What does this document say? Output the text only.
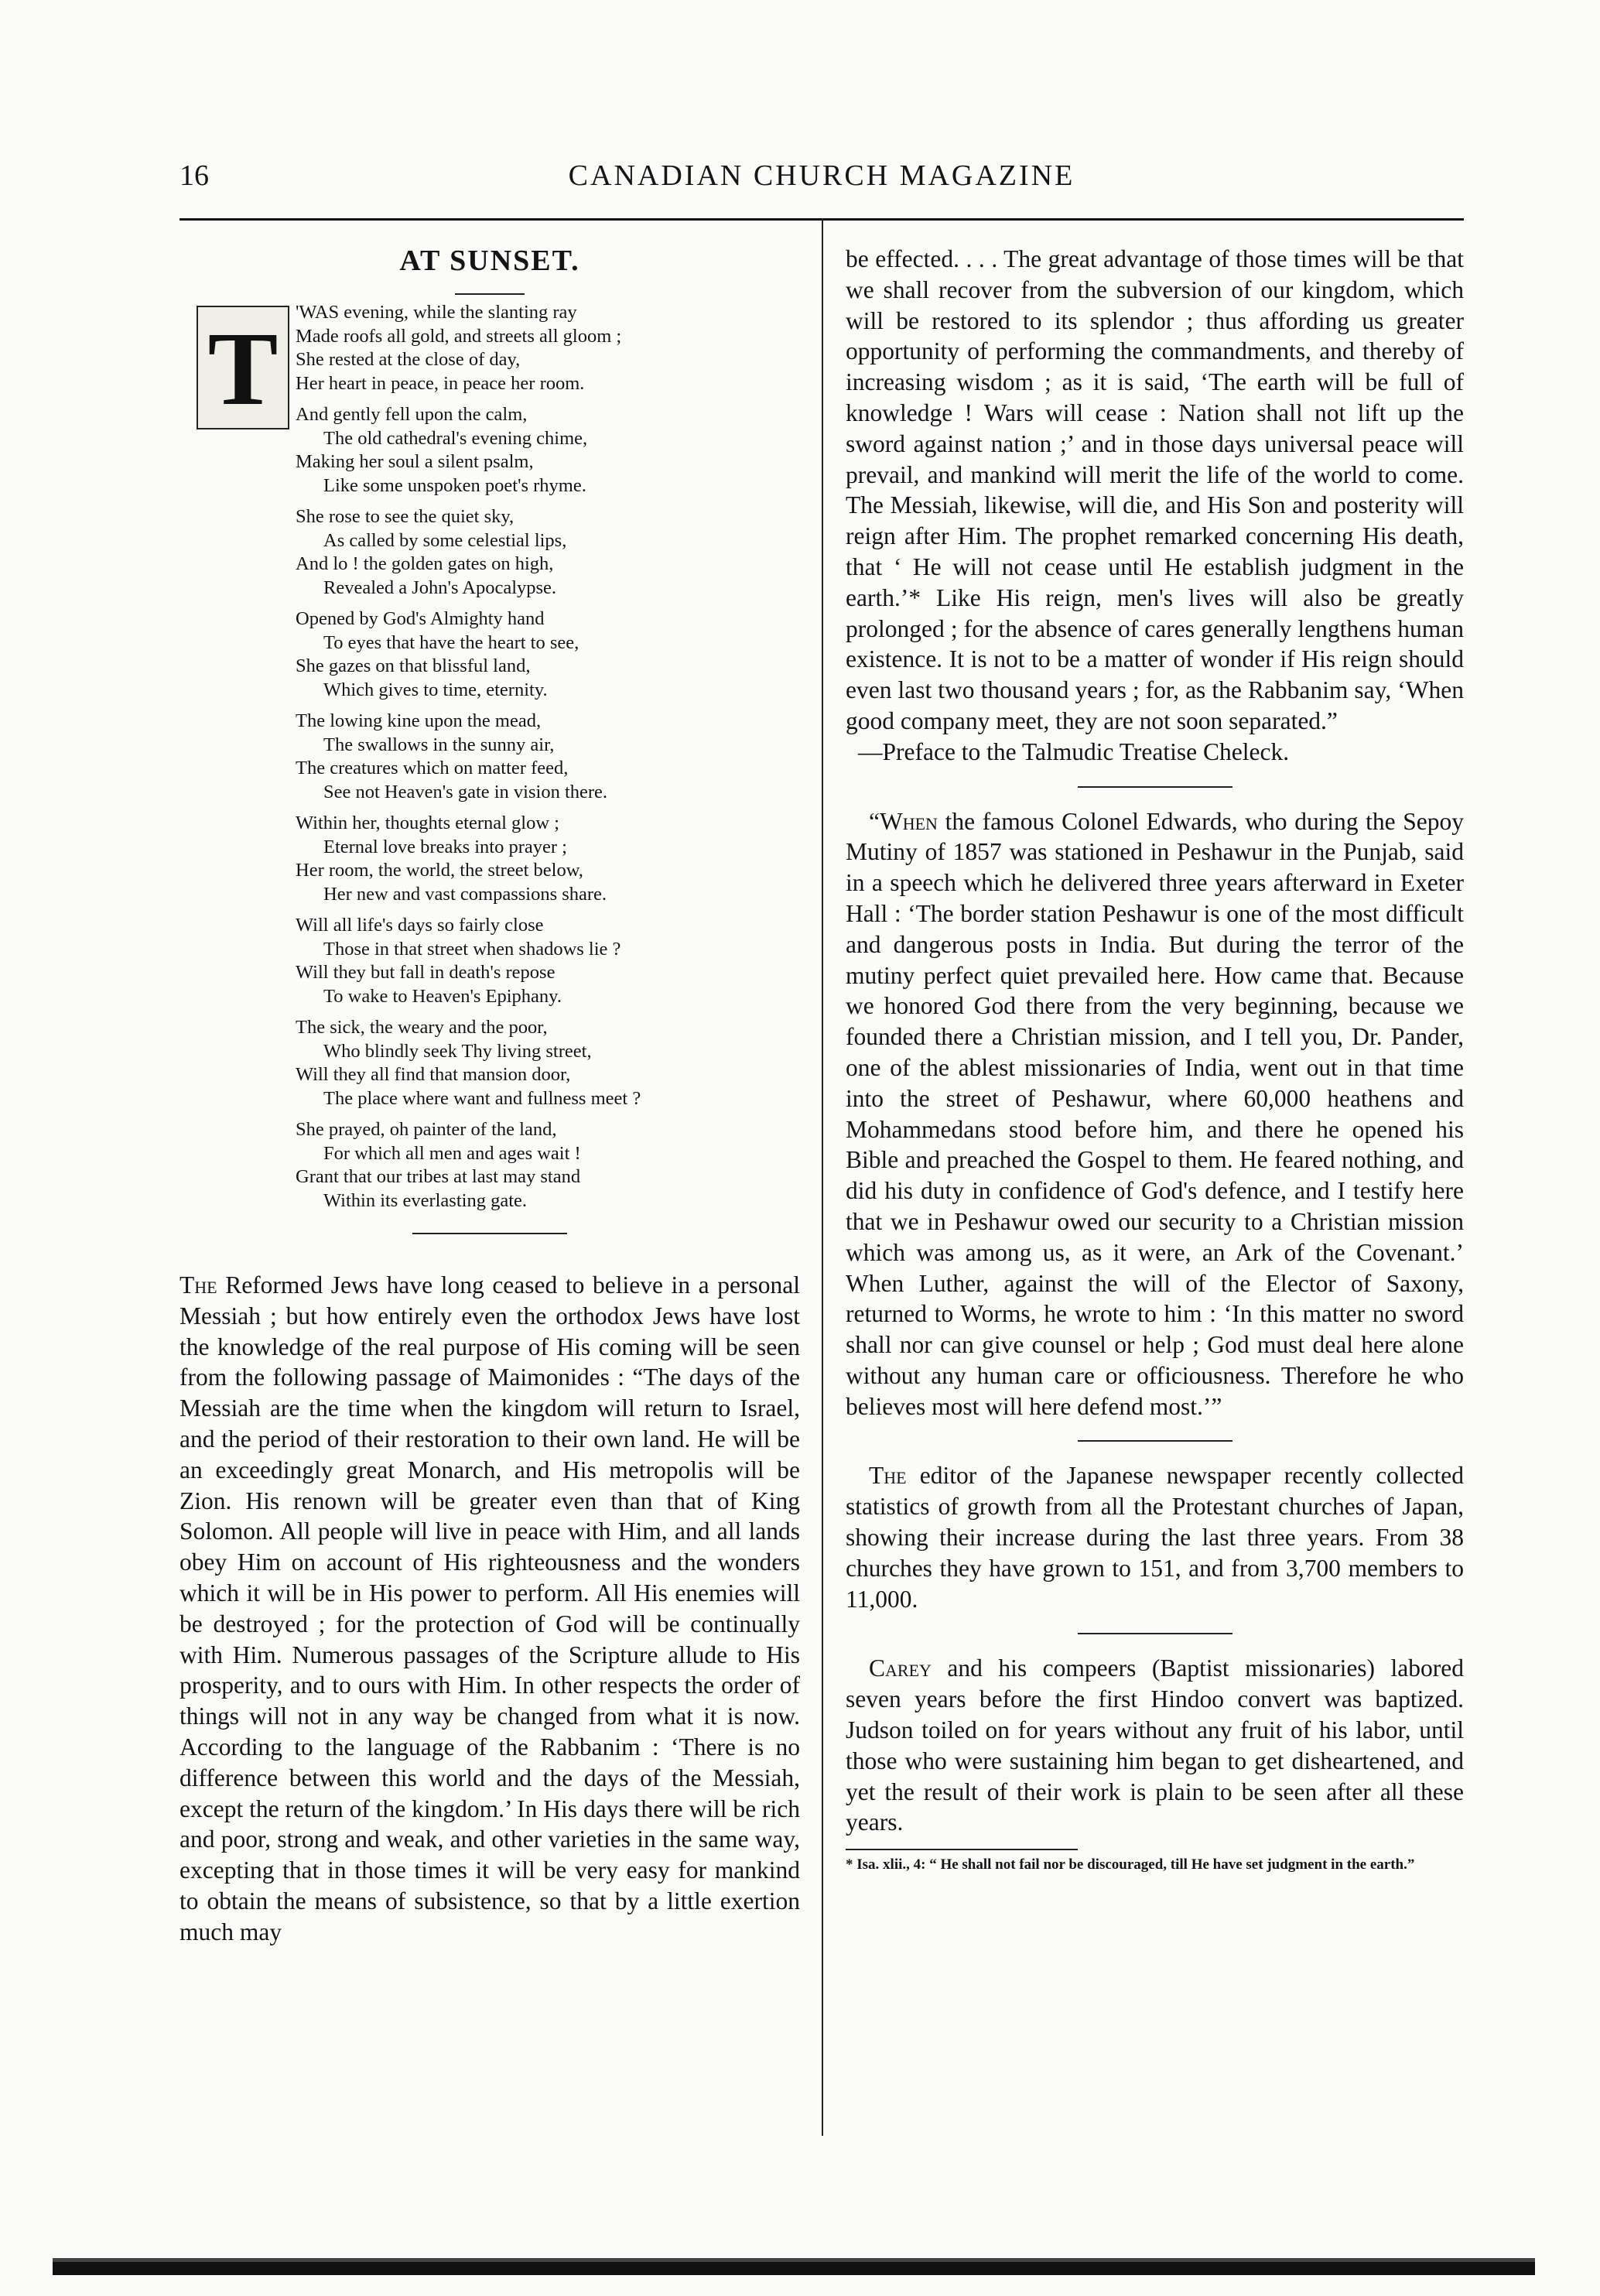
16	CANADIAN CHURCH MAGAZINE
AT SUNSET.
T 'WAS evening, while the slanting ray
Made roofs all gold, and streets all gloom ;
She rested at the close of day,
Her heart in peace, in peace her room.
And gently fell upon the calm,
The old cathedral's evening chime,
Making her soul a silent psalm,
Like some unspoken poet's rhyme.
She rose to see the quiet sky,
As called by some celestial lips,
And lo ! the golden gates on high,
Revealed a John's Apocalypse.
Opened by God's Almighty hand
To eyes that have the heart to see,
She gazes on that blissful land,
Which gives to time, eternity.
The lowing kine upon the mead,
The swallows in the sunny air,
The creatures which on matter feed,
See not Heaven's gate in vision there.
Within her, thoughts eternal glow ;
Eternal love breaks into prayer ;
Her room, the world, the street below,
Her new and vast compassions share.
Will all life's days so fairly close
Those in that street when shadows lie ?
Will they but fall in death's repose
To wake to Heaven's Epiphany.
The sick, the weary and the poor,
Who blindly seek Thy living street,
Will they all find that mansion door,
The place where want and fullness meet ?
She prayed, oh painter of the land,
For which all men and ages wait !
Grant that our tribes at last may stand
Within its everlasting gate.

The Reformed Jews have long ceased to believe in a personal Messiah ; but how entirely even the orthodox Jews have lost the knowledge of the real purpose of His coming will be seen from the following passage of Maimonides : “The days of the Messiah are the time when the kingdom will return to Israel, and the period of their restoration to their own land. He will be an exceedingly great Monarch, and His metropolis will be Zion. His renown will be greater even than that of King Solomon. All people will live in peace with Him, and all lands obey Him on account of His righteousness and the wonders which it will be in His power to perform. All His enemies will be destroyed ; for the protection of God will be continually with Him. Numerous passages of the Scripture allude to His prosperity, and to ours with Him. In other respects the order of things will not in any way be changed from what it is now. According to the language of the Rabbanim : ‘There is no difference between this world and the days of the Messiah, except the return of the kingdom.’ In His days there will be rich and poor, strong and weak, and other varieties in the same way, excepting that in those times it will be very easy for mankind to obtain the means of subsistence, so that by a little exertion much may

be effected. . . . The great advantage of those times will be that we shall recover from the subversion of our kingdom, which will be restored to its splendor ; thus affording us greater opportunity of performing the commandments, and thereby of increasing wisdom ; as it is said, ‘The earth will be full of knowledge ! Wars will cease : Nation shall not lift up the sword against nation ;’ and in those days universal peace will prevail, and mankind will merit the life of the world to come. The Messiah, likewise, will die, and His Son and posterity will reign after Him. The prophet remarked concerning His death, that ‘ He will not cease until He establish judgment in the earth.’* Like His reign, men's lives will also be greatly prolonged ; for the absence of cares generally lengthens human existence. It is not to be a matter of wonder if His reign should even last two thousand years ; for, as the Rabbanim say, ‘When good company meet, they are not soon separated.”

—Preface to the Talmudic Treatise Cheleck.

“When the famous Colonel Edwards, who during the Sepoy Mutiny of 1857 was stationed in Peshawur in the Punjab, said in a speech which he delivered three years afterward in Exeter Hall : ‘The border station Peshawur is one of the most difficult and dangerous posts in India. But during the terror of the mutiny perfect quiet prevailed here. How came that. Because we honored God there from the very beginning, because we founded there a Christian mission, and I tell you, Dr. Pander, one of the ablest missionaries of India, went out in that time into the street of Peshawur, where 60,000 heathens and Mohammedans stood before him, and there he opened his Bible and preached the Gospel to them. He feared nothing, and did his duty in confidence of God's defence, and I testify here that we in Peshawur owed our security to a Christian mission which was among us, as it were, an Ark of the Covenant.’ When Luther, against the will of the Elector of Saxony, returned to Worms, he wrote to him : ‘In this matter no sword shall nor can give counsel or help ; God must deal here alone without any human care or officiousness. Therefore he who believes most will here defend most.’”

The editor of the Japanese newspaper recently collected statistics of growth from all the Protestant churches of Japan, showing their increase during the last three years. From 38 churches they have grown to 151, and from 3,700 members to 11,000.

Carey and his compeers (Baptist missionaries) labored seven years before the first Hindoo convert was baptized. Judson toiled on for years without any fruit of his labor, until those who were sustaining him began to get disheartened, and yet the result of their work is plain to be seen after all these years.

* Isa. xlii., 4: “ He shall not fail nor be discouraged, till He have set judgment in the earth.”
